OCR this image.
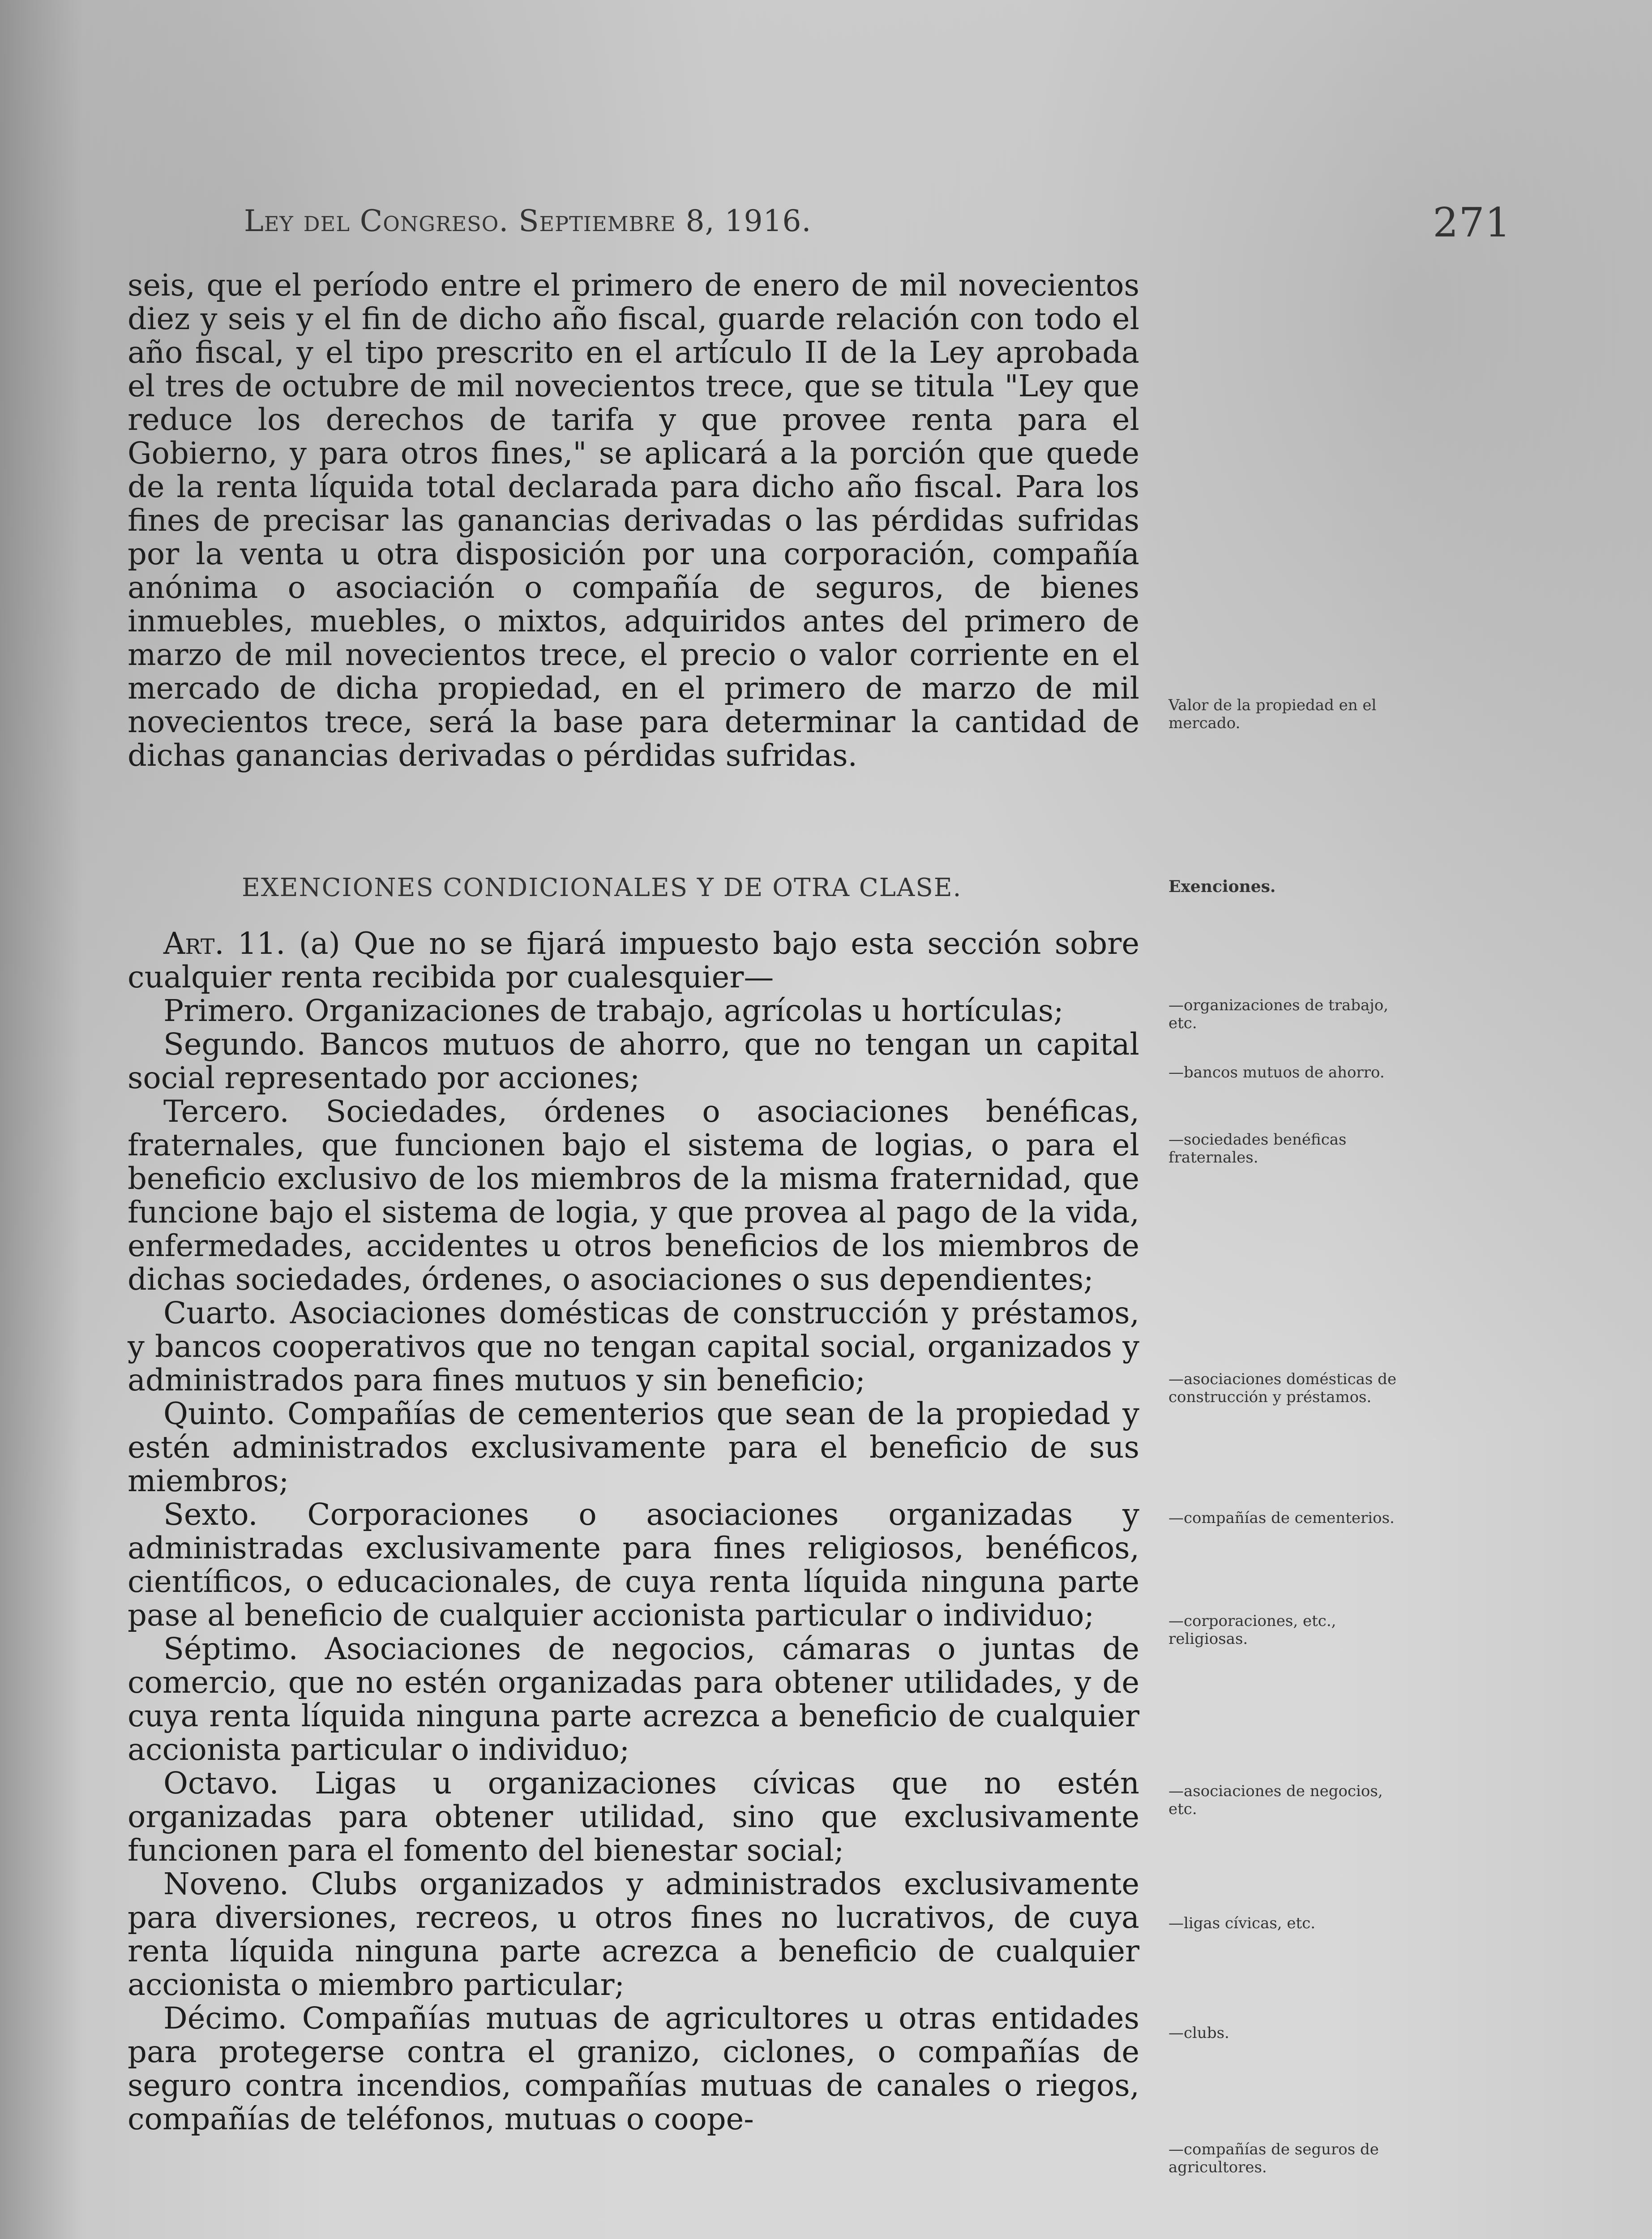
Ley del Congreso. Septiembre 8, 1916.	271

seis, que el período entre el primero de enero de mil novecientos diez y seis y el fin de dicho año fiscal, guarde relación con todo el año fiscal, y el tipo prescrito en el artículo II de la Ley aprobada el tres de octubre de mil novecientos trece, que se titula "Ley que reduce los derechos de tarifa y que provee renta para el Gobierno, y para otros fines," se aplicará a la porción que quede de la renta líquida total declarada para dicho año fiscal. Para los fines de precisar las ganancias derivadas o las pérdidas sufridas por la venta u otra disposición por una corporación, compañía anónima o asociación o compañía de seguros, de bienes inmuebles, muebles, o mixtos, adquiridos antes del primero de marzo de mil novecientos trece, el precio o valor corriente en el mercado de dicha propiedad, en el primero de marzo de mil novecientos trece, será la base para determinar la cantidad de dichas ganancias derivadas o pérdidas sufridas.

Valor de la propiedad en el mercado.
EXENCIONES CONDICIONALES Y DE OTRA CLASE.	Exenciones.

Art. 11. (a) Que no se fijará impuesto bajo esta sección sobre cualquier renta recibida por cualesquier—

Primero. Organizaciones de trabajo, agrícolas u hortículas;

Segundo. Bancos mutuos de ahorro, que no tengan un capital social representado por acciones;

Tercero. Sociedades, órdenes o asociaciones benéficas, fraternales, que funcionen bajo el sistema de logias, o para el beneficio exclusivo de los miembros de la misma fraternidad, que funcione bajo el sistema de logia, y que provea al pago de la vida, enfermedades, accidentes u otros beneficios de los miembros de dichas sociedades, órdenes, o asociaciones o sus dependientes;

Cuarto. Asociaciones domésticas de construcción y préstamos, y bancos cooperativos que no tengan capital social, organizados y administrados para fines mutuos y sin beneficio;

Quinto. Compañías de cementerios que sean de la propiedad y estén administrados exclusivamente para el beneficio de sus miembros;

Sexto. Corporaciones o asociaciones organizadas y administradas exclusivamente para fines religiosos, benéficos, científicos, o educacionales, de cuya renta líquida ninguna parte pase al beneficio de cualquier accionista particular o individuo;

Séptimo. Asociaciones de negocios, cámaras o juntas de comercio, que no estén organizadas para obtener utilidades, y de cuya renta líquida ninguna parte acrezca a beneficio de cualquier accionista particular o individuo;

Octavo. Ligas u organizaciones cívicas que no estén organizadas para obtener utilidad, sino que exclusivamente funcionen para el fomento del bienestar social;

Noveno. Clubs organizados y administrados exclusivamente para diversiones, recreos, u otros fines no lucrativos, de cuya renta líquida ninguna parte acrezca a beneficio de cualquier accionista o miembro particular;

Décimo. Compañías mutuas de agricultores u otras entidades para protegerse contra el granizo, ciclones, o compañías de seguro contra incendios, compañías mutuas de canales o riegos, compañías de teléfonos, mutuas o coope-

—organizaciones de trabajo, etc.
—bancos mutuos de ahorro.
—sociedades benéficas fraternales.
—asociaciones domésticas de construcción y préstamos.
—compañías de cementerios.
—corporaciones, etc., religiosas.
—asociaciones de negocios, etc.
—ligas cívicas, etc.
—clubs.
—compañías de seguros de agricultores.
